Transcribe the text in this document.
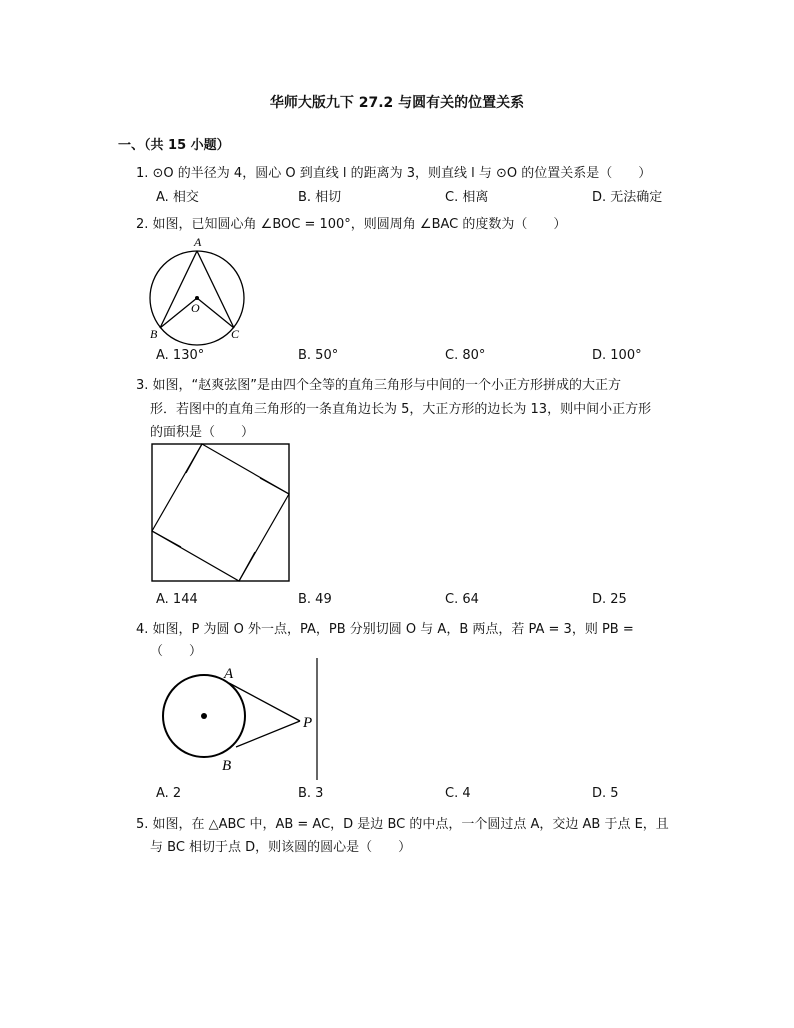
华师大版九下 27.2 与圆有关的位置关系
一、（共 15 小题）
1. ⊙O 的半径为 4，圆心 O 到直线 l 的距离为 3，则直线 l 与 ⊙O 的位置关系是（　　）
A. 相交	B. 相切	C. 相离	D. 无法确定
2. 如图，已知圆心角 ∠BOC = 100°，则圆周角 ∠BAC 的度数为（　　）
A
O
B	C
A. 130°	B. 50°	C. 80°	D. 100°
3. 如图，“赵爽弦图”是由四个全等的直角三角形与中间的一个小正方形拼成的大正方
形．若图中的直角三角形的一条直角边长为 5，大正方形的边长为 13，则中间小正方形
的面积是（　　）
A. 144	B. 49	C. 64	D. 25
4. 如图，P 为圆 O 外一点，PA，PB 分别切圆 O 与 A，B 两点，若 PA = 3，则 PB =
（　　）
A
B
P
A. 2	B. 3	C. 4	D. 5
5. 如图，在 △ABC 中，AB = AC，D 是边 BC 的中点，一个圆过点 A，交边 AB 于点 E，且
与 BC 相切于点 D，则该圆的圆心是（　　）
